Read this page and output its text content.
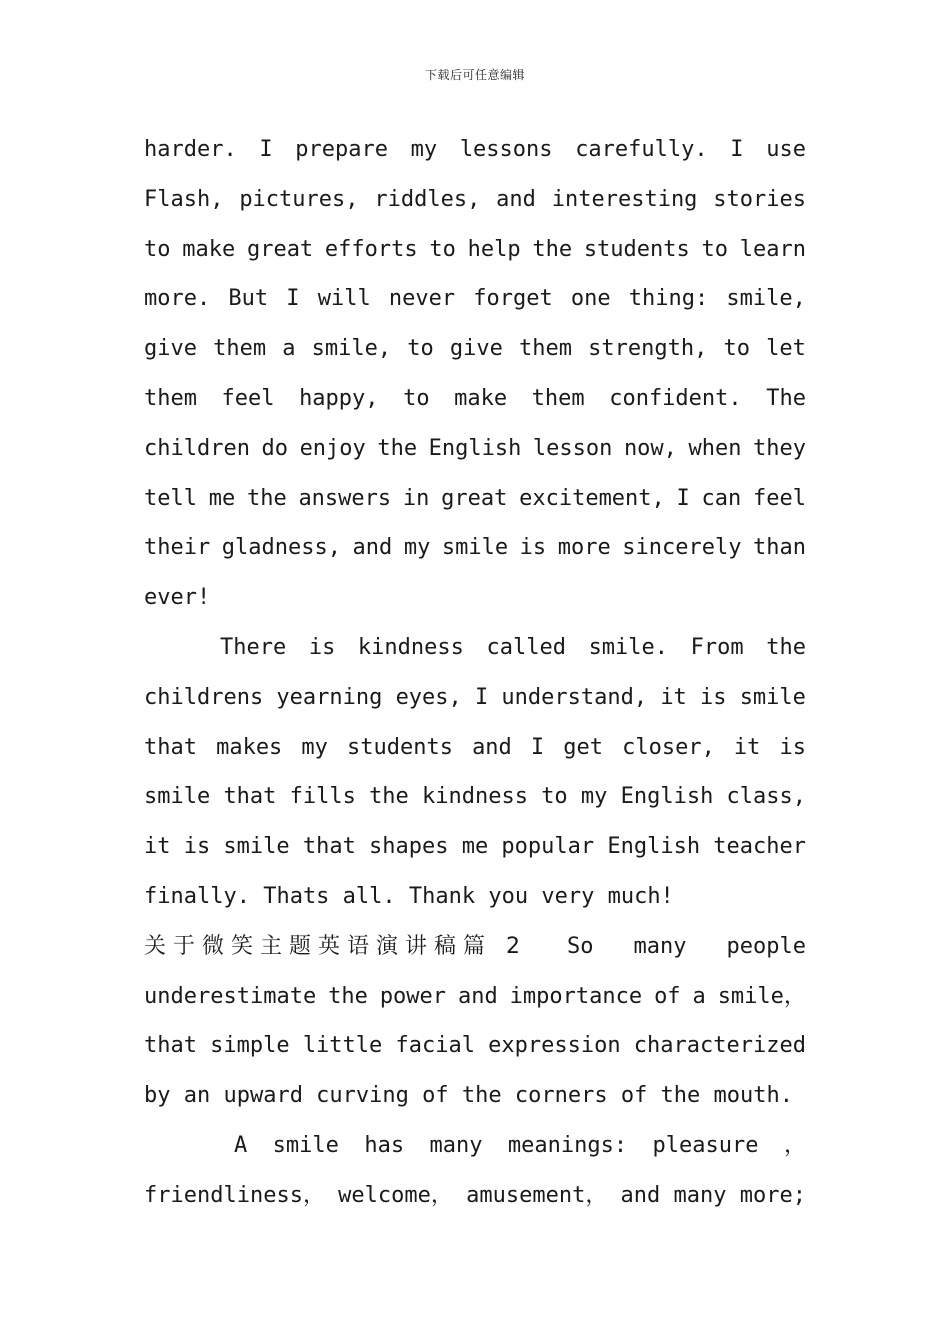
下载后可任意编辑
harder. I prepare my lessons carefully. I use
Flash, pictures, riddles, and interesting stories
to make great efforts to help the students to learn
more. But I will never forget one thing: smile,
give them a smile, to give them strength, to let
them feel happy, to make them confident. The
children do enjoy the English lesson now, when they
tell me the answers in great excitement, I can feel
their gladness, and my smile is more sincerely than
ever!
There is kindness called smile. From the
childrens yearning eyes, I understand, it is smile
that makes my students and I get closer, it is
smile that fills the kindness to my English class,
it is smile that shapes me popular English teacher
finally. Thats all. Thank you very much!
关于微笑主题英语演讲稿篇 2 So many people
underestimate the power and importance of a smile，
that simple little facial expression characterized
by an upward curving of the corners of the mouth.
A smile has many meanings: pleasure ，
friendliness， welcome， amusement， and many more;
